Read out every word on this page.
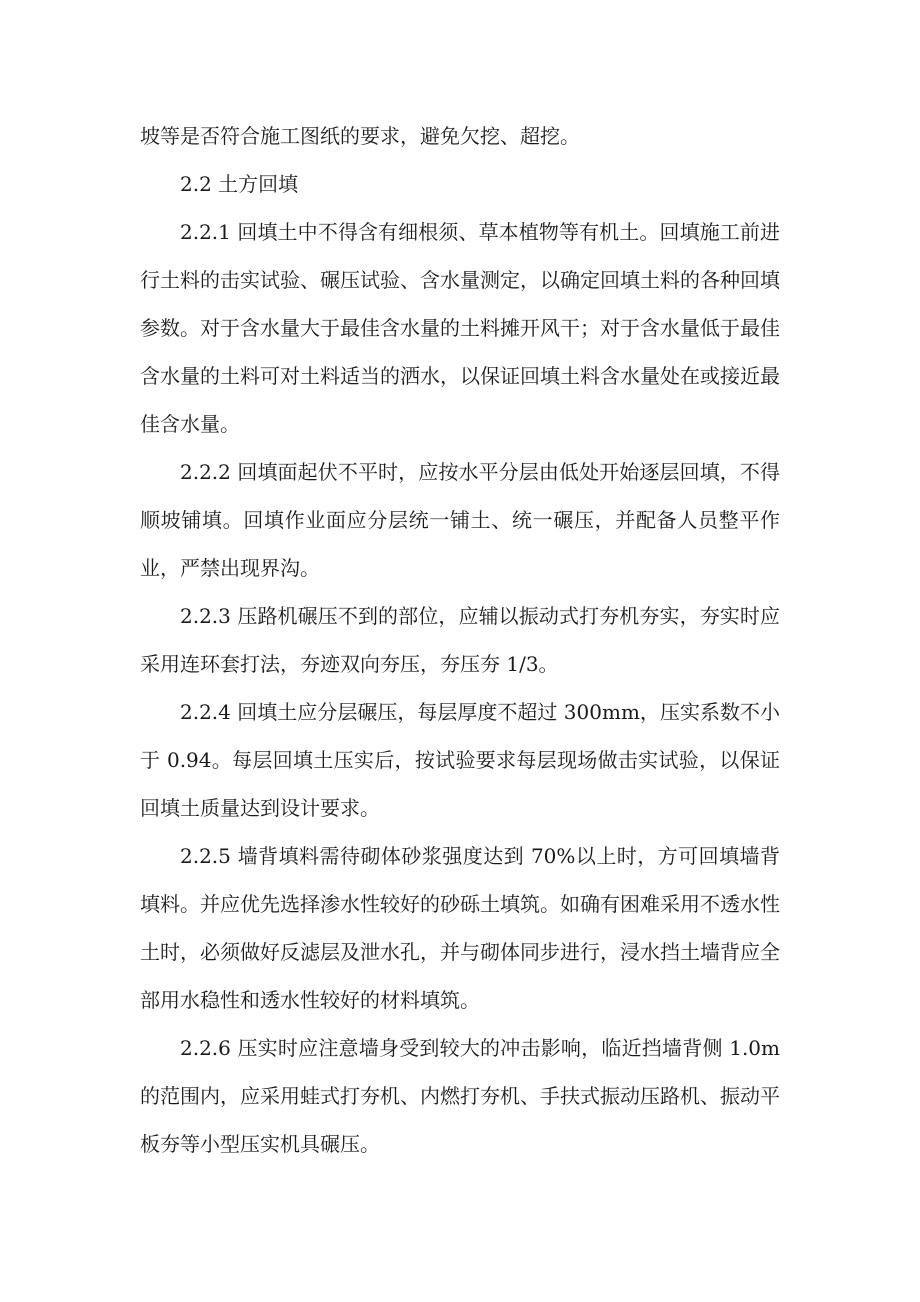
坡等是否符合施工图纸的要求，避免欠挖、超挖。

2.2 土方回填

2.2.1 回填土中不得含有细根须、草本植物等有机土。回填施工前进行土料的击实试验、碾压试验、含水量测定，以确定回填土料的各种回填参数。对于含水量大于最佳含水量的土料摊开风干；对于含水量低于最佳含水量的土料可对土料适当的洒水，以保证回填土料含水量处在或接近最佳含水量。

2.2.2 回填面起伏不平时，应按水平分层由低处开始逐层回填，不得顺坡铺填。回填作业面应分层统一铺土、统一碾压，并配备人员整平作业，严禁出现界沟。

2.2.3 压路机碾压不到的部位，应辅以振动式打夯机夯实，夯实时应采用连环套打法，夯迹双向夯压，夯压夯 1/3。

2.2.4 回填土应分层碾压，每层厚度不超过 300mm，压实系数不小于 0.94。每层回填土压实后，按试验要求每层现场做击实试验，以保证回填土质量达到设计要求。

2.2.5 墙背填料需待砌体砂浆强度达到 70%以上时，方可回填墙背填料。并应优先选择渗水性较好的砂砾土填筑。如确有困难采用不透水性土时，必须做好反滤层及泄水孔，并与砌体同步进行，浸水挡土墙背应全部用水稳性和透水性较好的材料填筑。

2.2.6 压实时应注意墙身受到较大的冲击影响，临近挡墙背侧 1.0m 的范围内，应采用蛙式打夯机、内燃打夯机、手扶式振动压路机、振动平板夯等小型压实机具碾压。
